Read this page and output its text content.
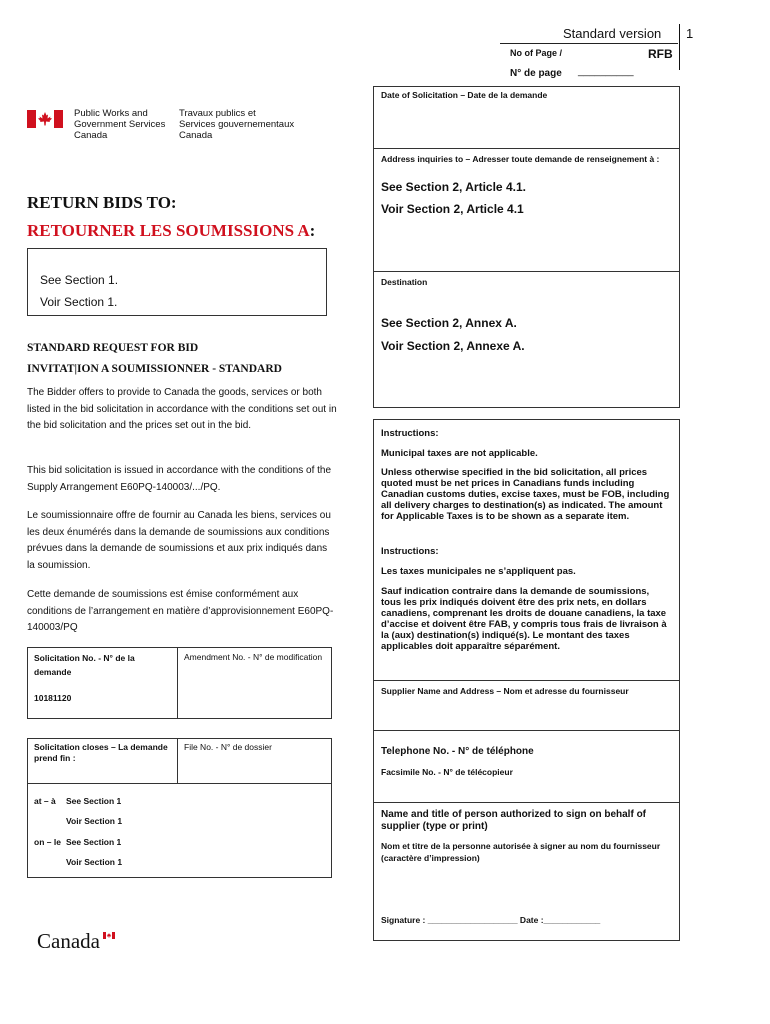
Standard version 1
No of Page /	RFB
N° de page __________
Public Works and
Government Services
Canada
Travaux publics et
Services gouvernementaux
Canada
Date of Solicitation – Date de la demande
Address inquiries to – Adresser toute demande de renseignement à :
See Section 2, Article 4.1.
Voir Section 2, Article 4.1
Destination
See Section 2, Annex A.
Voir Section 2, Annexe A.
RETURN BIDS TO:
RETOURNER LES SOUMISSIONS A:
See Section 1.
Voir Section 1.
STANDARD REQUEST FOR BID
INVITAT|ION A SOUMISSIONNER - STANDARD
The Bidder offers to provide to Canada the goods, services or both listed in the bid solicitation in accordance with the conditions set out in the bid solicitation and the prices set out in the bid.
This bid solicitation is issued in accordance with the conditions of the Supply Arrangement E60PQ-140003/.../PQ.
Le soumissionnaire offre de fournir au Canada les biens, services ou les deux énumérés dans la demande de soumissions aux conditions prévues dans la demande de soumissions et aux prix indiqués dans la soumission.
Cette demande de soumissions est émise conformément aux conditions de l’arrangement en matière d’approvisionnement E60PQ-140003/PQ
Solicitation No. - N° de la demande
10181120
Amendment No. - N° de modification
Solicitation closes – La demande prend fin :
File No. - N° de dossier
at – à See Section 1
Voir Section 1
on – le See Section 1
Voir Section 1
Canada
Instructions:
Municipal taxes are not applicable.
Unless otherwise specified in the bid solicitation, all prices quoted must be net prices in Canadians funds including Canadian customs duties, excise taxes, must be FOB, including all delivery charges to destination(s) as indicated. The amount for Applicable Taxes is to be shown as a separate item.
Instructions:
Les taxes municipales ne s’appliquent pas.
Sauf indication contraire dans la demande de soumissions, tous les prix indiqués doivent être des prix nets, en dollars canadiens, comprenant les droits de douane canadiens, la taxe d’accise et doivent être FAB, y compris tous frais de livraison à la (aux) destination(s) indiqué(s). Le montant des taxes applicables doit apparaître séparément.
Supplier Name and Address – Nom et adresse du fournisseur
Telephone No. - N° de téléphone
Facsimile No. - N° de télécopieur
Name and title of person authorized to sign on behalf of supplier (type or print)
Nom et titre de la personne autorisée à signer au nom du fournisseur (caractère d’impression)
Signature : ___________________ Date :____________
